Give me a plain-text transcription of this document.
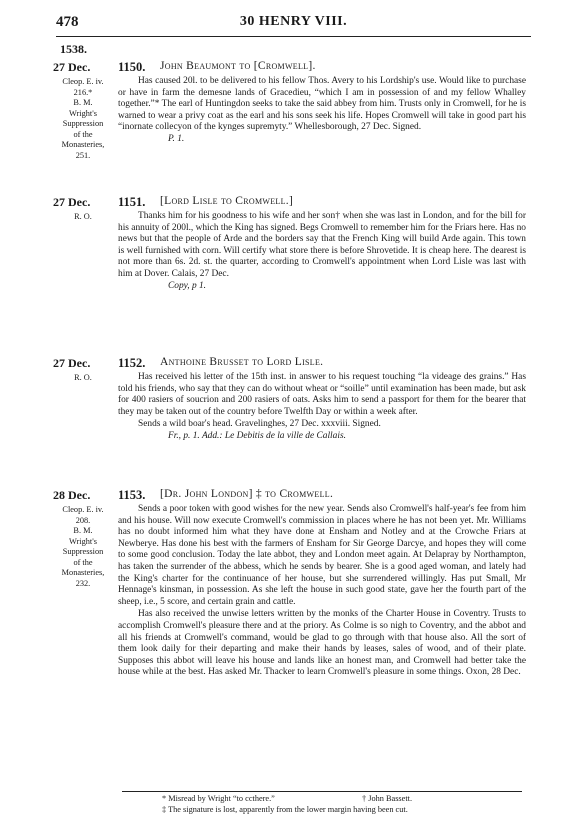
478	30 HENRY VIII.
1538.
27 Dec.
Cleop. E. iv.
216.*
B. M.
Wright's
Suppression
of the
Monasteries,
251.
1150. John Beaumont to [Cromwell].

Has caused 20l. to be delivered to his fellow Thos. Avery to his Lordship's use. Would like to purchase or have in farm the demesne lands of Gracedieu, “which I am in possession of and my fellow Whalley together.”* The earl of Huntingdon seeks to take the said abbey from him. Trusts only in Cromwell, for he is warned to wear a privy coat as the earl and his sons seek his life. Hopes Cromwell will take in good part his “inornate collecyon of the kynges supremyty.” Whellesborough, 27 Dec. Signed.

P. 1.
27 Dec.
R. O.
1151. [Lord Lisle to Cromwell.]

Thanks him for his goodness to his wife and her son† when she was last in London, and for the bill for his annuity of 200l., which the King has signed. Begs Cromwell to remember him for the Friars here. Has no news but that the people of Arde and the borders say that the French King will build Arde again. This town is well furnished with corn. Will certify what store there is before Shrovetide. It is cheap here. The dearest is not more than 6s. 2d. st. the quarter, according to Cromwell's appointment when Lord Lisle was last with him at Dover. Calais, 27 Dec.

Copy, p 1.
27 Dec.
R. O.
1152. Anthoine Brusset to Lord Lisle.

Has received his letter of the 15th inst. in answer to his request touching “la videage des grains.” Has told his friends, who say that they can do without wheat or “soille” until examination has been made, but ask for 400 rasiers of soucrion and 200 rasiers of oats. Asks him to send a passport for them for the bearer that they may be taken out of the country before Twelfth Day or within a week after.

Sends a wild boar's head. Gravelinghes, 27 Dec. xxxviii. Signed.

Fr., p. 1. Add.: Le Debitis de la ville de Callais.
28 Dec.
Cleop. E. iv.
208.
B. M.
Wright's
Suppression
of the
Monasteries,
232.
1153. [Dr. John London] ‡ to Cromwell.

Sends a poor token with good wishes for the new year. Sends also Cromwell's half-year's fee from him and his house. Will now execute Cromwell's commission in places where he has not been yet. Mr. Williams has no doubt informed him what they have done at Ensham and Notley and at the Crowche Friars at Newberye. Has done his best with the farmers of Ensham for Sir George Darcye, and hopes they will come to some good conclusion. Today the late abbot, they and London meet again. At Delapray by Northampton, has taken the surrender of the abbess, which he sends by bearer. She is a good aged woman, and lately had the King's charter for the continuance of her house, but she surrendered willingly. Has put Small, Mr Hennage's kinsman, in possession. As she left the house in such good state, gave her the fourth part of the sheep, i.e., 5 score, and certain grain and cattle.

Has also received the unwise letters written by the monks of the Charter House in Coventry. Trusts to accomplish Cromwell's pleasure there and at the priory. As Colme is so nigh to Coventry, and the abbot and all his friends at Cromwell's command, would be glad to go through with that house also. All the sort of them look daily for their departing and make their hands by leases, sales of wood, and of their plate. Supposes this abbot will leave his house and lands like an honest man, and Cromwell had better take the house while at the best. Has asked Mr. Thacker to learn Cromwell's pleasure in some things. Oxon, 28 Dec.

* Misread by Wright “to ccthere.”	† John Bassett.
‡ The signature is lost, apparently from the lower margin having been cut.
